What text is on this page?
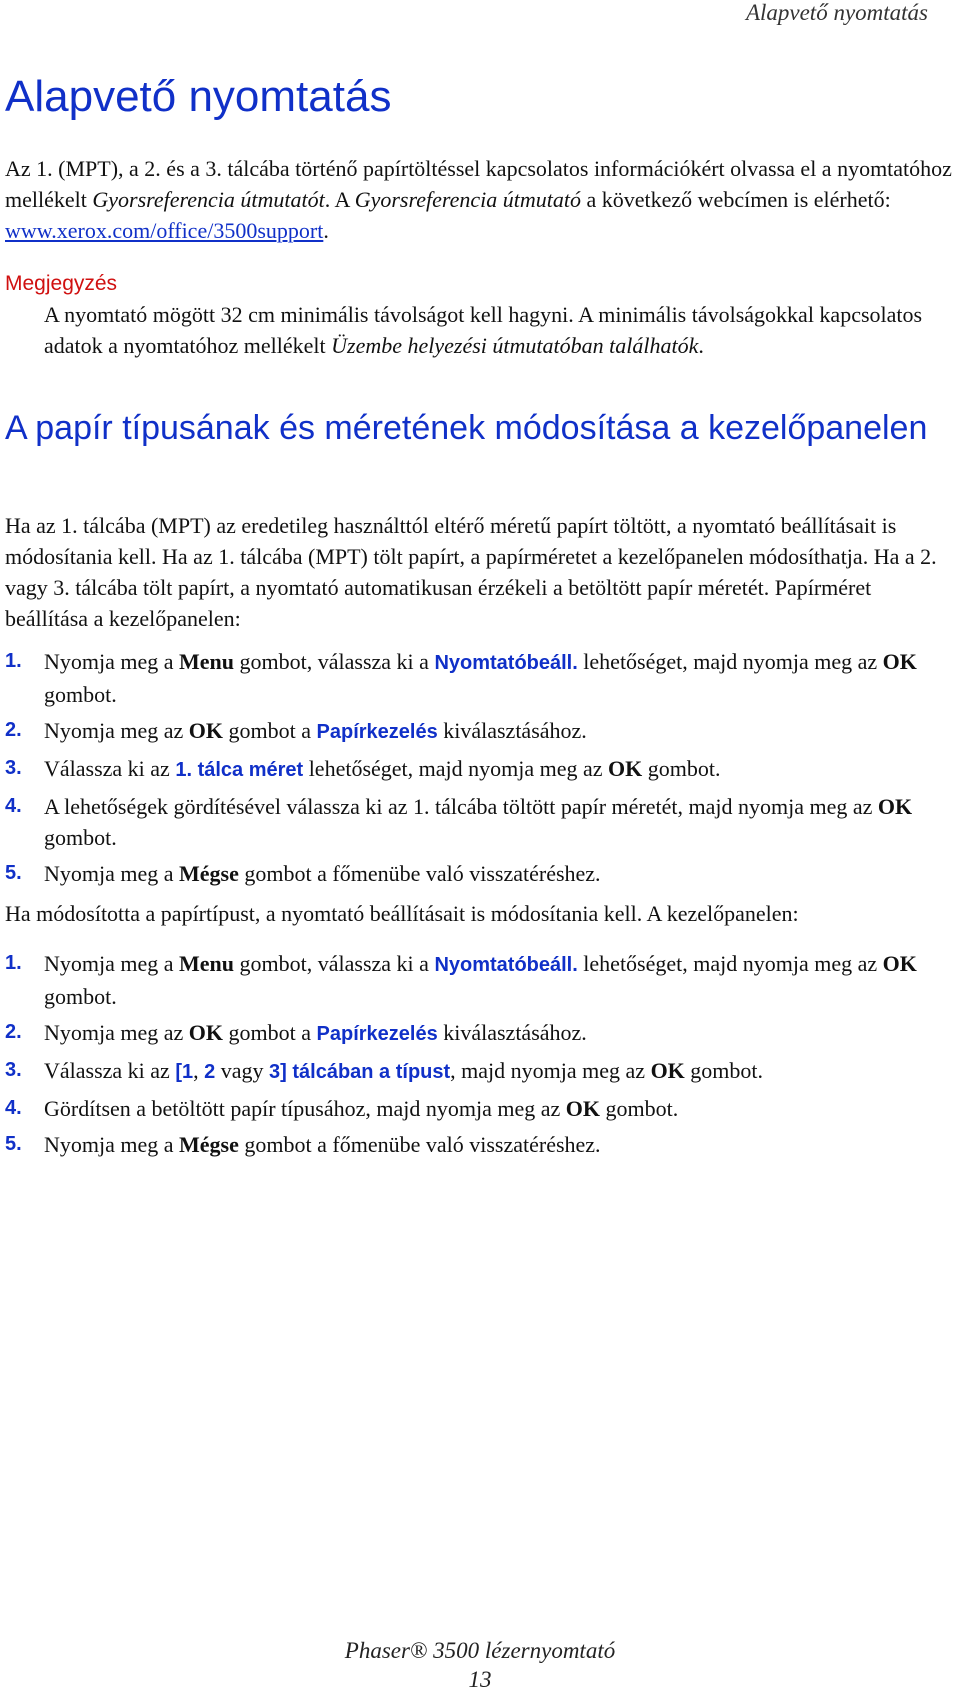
Alapvető nyomtatás
Alapvető nyomtatás

Az 1. (MPT), a 2. és a 3. tálcába történő papírtöltéssel kapcsolatos információkért olvassa el a nyomtatóhoz mellékelt Gyorsreferencia útmutatót. A Gyorsreferencia útmutató a következő webcímen is elérhető: www.xerox.com/office/3500support.

Megjegyzés

A nyomtató mögött 32 cm minimális távolságot kell hagyni. A minimális távolságokkal kapcsolatos adatok a nyomtatóhoz mellékelt Üzembe helyezési útmutatóban találhatók.

A papír típusának és méretének módosítása a kezelőpanelen

Ha az 1. tálcába (MPT) az eredetileg használttól eltérő méretű papírt töltött, a nyomtató beállításait is módosítania kell. Ha az 1. tálcába (MPT) tölt papírt, a papírméretet a kezelőpanelen módosíthatja. Ha a 2. vagy 3. tálcába tölt papírt, a nyomtató automatikusan érzékeli a betöltött papír méretét. Papírméret beállítása a kezelőpanelen:

1. Nyomja meg a Menu gombot, válassza ki a Nyomtatóbeáll. lehetőséget, majd nyomja meg az OK gombot.
2. Nyomja meg az OK gombot a Papírkezelés kiválasztásához.
3. Válassza ki az 1. tálca méret lehetőséget, majd nyomja meg az OK gombot.
4. A lehetőségek gördítésével válassza ki az 1. tálcába töltött papír méretét, majd nyomja meg az OK gombot.
5. Nyomja meg a Mégse gombot a főmenübe való visszatéréshez.

Ha módosította a papírtípust, a nyomtató beállításait is módosítania kell. A kezelőpanelen:

1. Nyomja meg a Menu gombot, válassza ki a Nyomtatóbeáll. lehetőséget, majd nyomja meg az OK gombot.
2. Nyomja meg az OK gombot a Papírkezelés kiválasztásához.
3. Válassza ki az [1, 2 vagy 3] tálcában a típust, majd nyomja meg az OK gombot.
4. Gördítsen a betöltött papír típusához, majd nyomja meg az OK gombot.
5. Nyomja meg a Mégse gombot a főmenübe való visszatéréshez.
Phaser® 3500 lézernyomtató
13
